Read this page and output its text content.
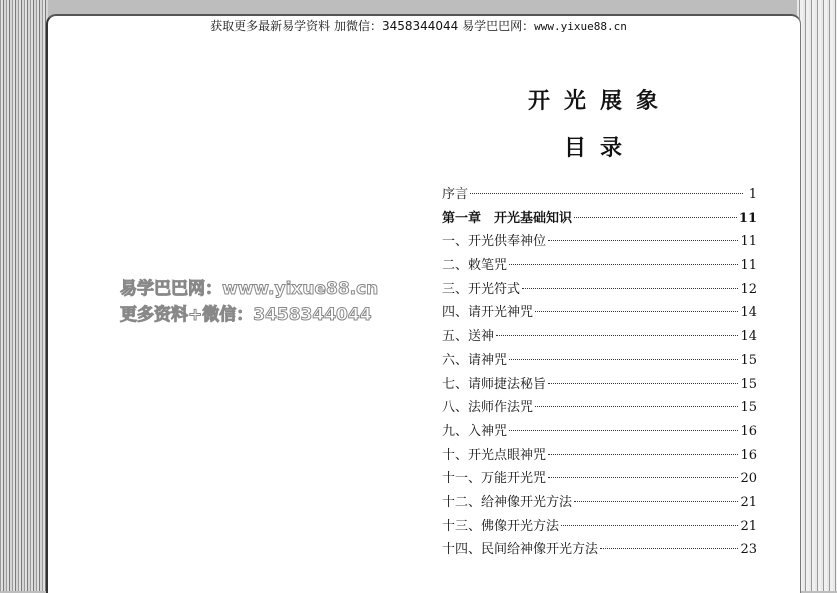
获取更多最新易学资料 加微信：3458344044 易学巴巴网：www.yixue88.cn
开光展象
目录
序言	1
第一章　开光基础知识	11
一、开光供奉神位	11
二、敕笔咒	11
三、开光符式	12
四、请开光神咒	14
五、送神	14
六、请神咒	15
七、请师捷法秘旨	15
八、法师作法咒	15
九、入神咒	16
十、开光点眼神咒	16
十一、万能开光咒	20
十二、给神像开光方法	21
十三、佛像开光方法	21
十四、民间给神像开光方法	23
易学巴巴网：www.yixue88.cn
更多资料+微信：3458344044
